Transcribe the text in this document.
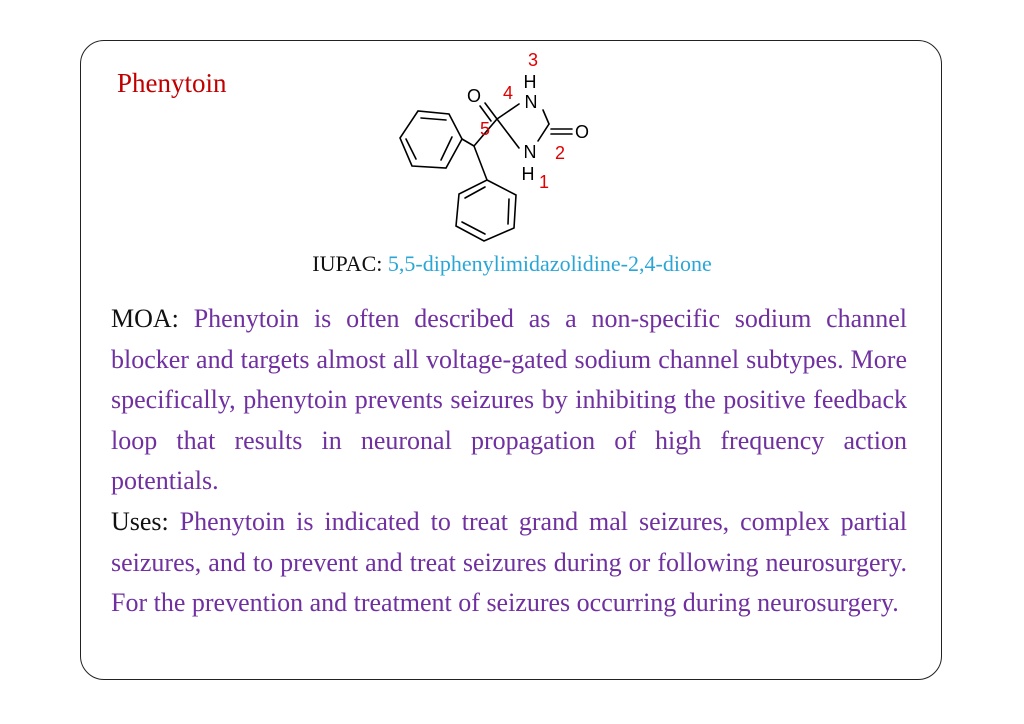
Phenytoin	O
H
N
O
N
H
3
4
5
2
1
IUPAC: 5,5-diphenylimidazolidine-2,4-dione

MOA: Phenytoin is often described as a non-specific sodium channel blocker and targets almost all voltage-gated sodium channel subtypes. More specifically, phenytoin prevents seizures by inhibiting the positive feedback loop that results in neuronal propagation of high frequency action potentials.

Uses: Phenytoin is indicated to treat grand mal seizures, complex partial seizures, and to prevent and treat seizures during or following neurosurgery. For the prevention and treatment of seizures occurring during neurosurgery.
